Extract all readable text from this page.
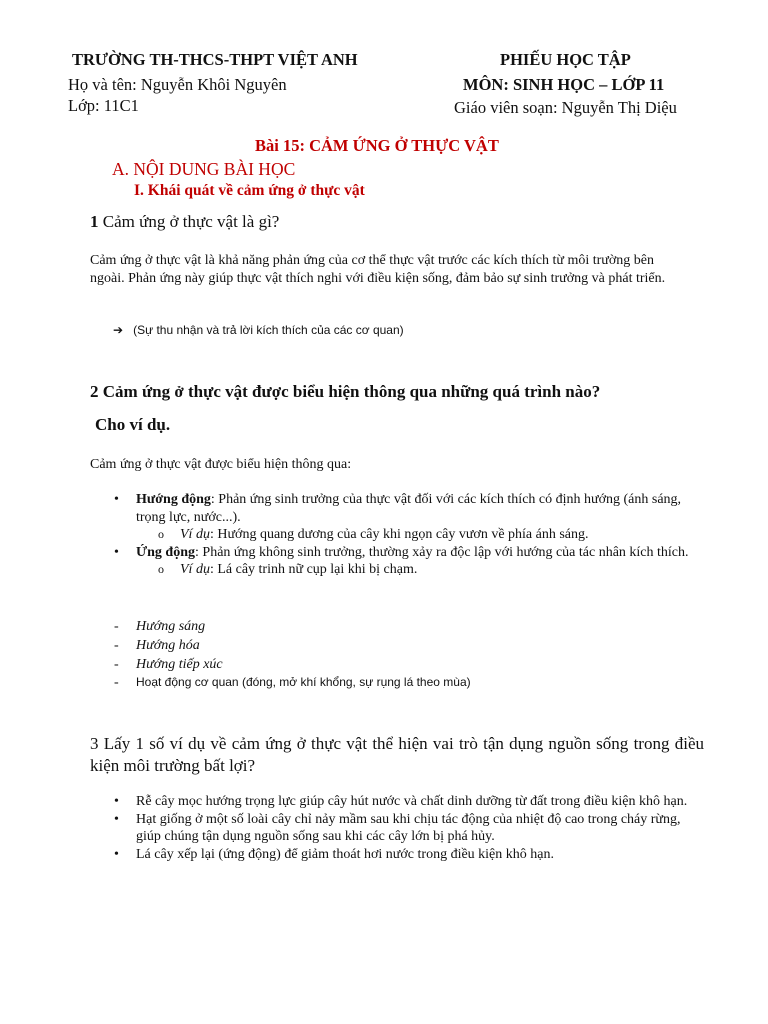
TRƯỜNG TH-THCS-THPT VIỆT ANH
Họ và tên: Nguyễn Khôi Nguyên
Lớp: 11C1
PHIẾU HỌC TẬP
MÔN: SINH HỌC – LỚP 11
Giáo viên soạn: Nguyễn Thị Diệu
Bài 15: CẢM ỨNG Ở THỰC VẬT
A. NỘI DUNG BÀI HỌC
I. Khái quát về cảm ứng ở thực vật
1 Cảm ứng ở thực vật là gì?
Cảm ứng ở thực vật là khả năng phản ứng của cơ thể thực vật trước các kích thích từ môi trường bên ngoài. Phản ứng này giúp thực vật thích nghi với điều kiện sống, đảm bảo sự sinh trưởng và phát triển.
➔ (Sự thu nhận và trả lời kích thích của các cơ quan)
2 Cảm ứng ở thực vật được biểu hiện thông qua những quá trình nào?
Cho ví dụ.
Cảm ứng ở thực vật được biểu hiện thông qua:
• Hướng động: Phản ứng sinh trưởng của thực vật đối với các kích thích có định hướng (ánh sáng, trọng lực, nước...).
o Ví dụ: Hướng quang dương của cây khi ngọn cây vươn về phía ánh sáng.
• Ứng động: Phản ứng không sinh trưởng, thường xảy ra độc lập với hướng của tác nhân kích thích.
o Ví dụ: Lá cây trinh nữ cụp lại khi bị chạm.
- Hướng sáng
- Hướng hóa
- Hướng tiếp xúc
- Hoạt động cơ quan (đóng, mở khí khổng, sự rụng lá theo mùa)
3 Lấy 1 số ví dụ về cảm ứng ở thực vật thể hiện vai trò tận dụng nguồn sống trong điều kiện môi trường bất lợi?
• Rễ cây mọc hướng trọng lực giúp cây hút nước và chất dinh dưỡng từ đất trong điều kiện khô hạn.
• Hạt giống ở một số loài cây chỉ nảy mầm sau khi chịu tác động của nhiệt độ cao trong cháy rừng, giúp chúng tận dụng nguồn sống sau khi các cây lớn bị phá hủy.
• Lá cây xếp lại (ứng động) để giảm thoát hơi nước trong điều kiện khô hạn.
